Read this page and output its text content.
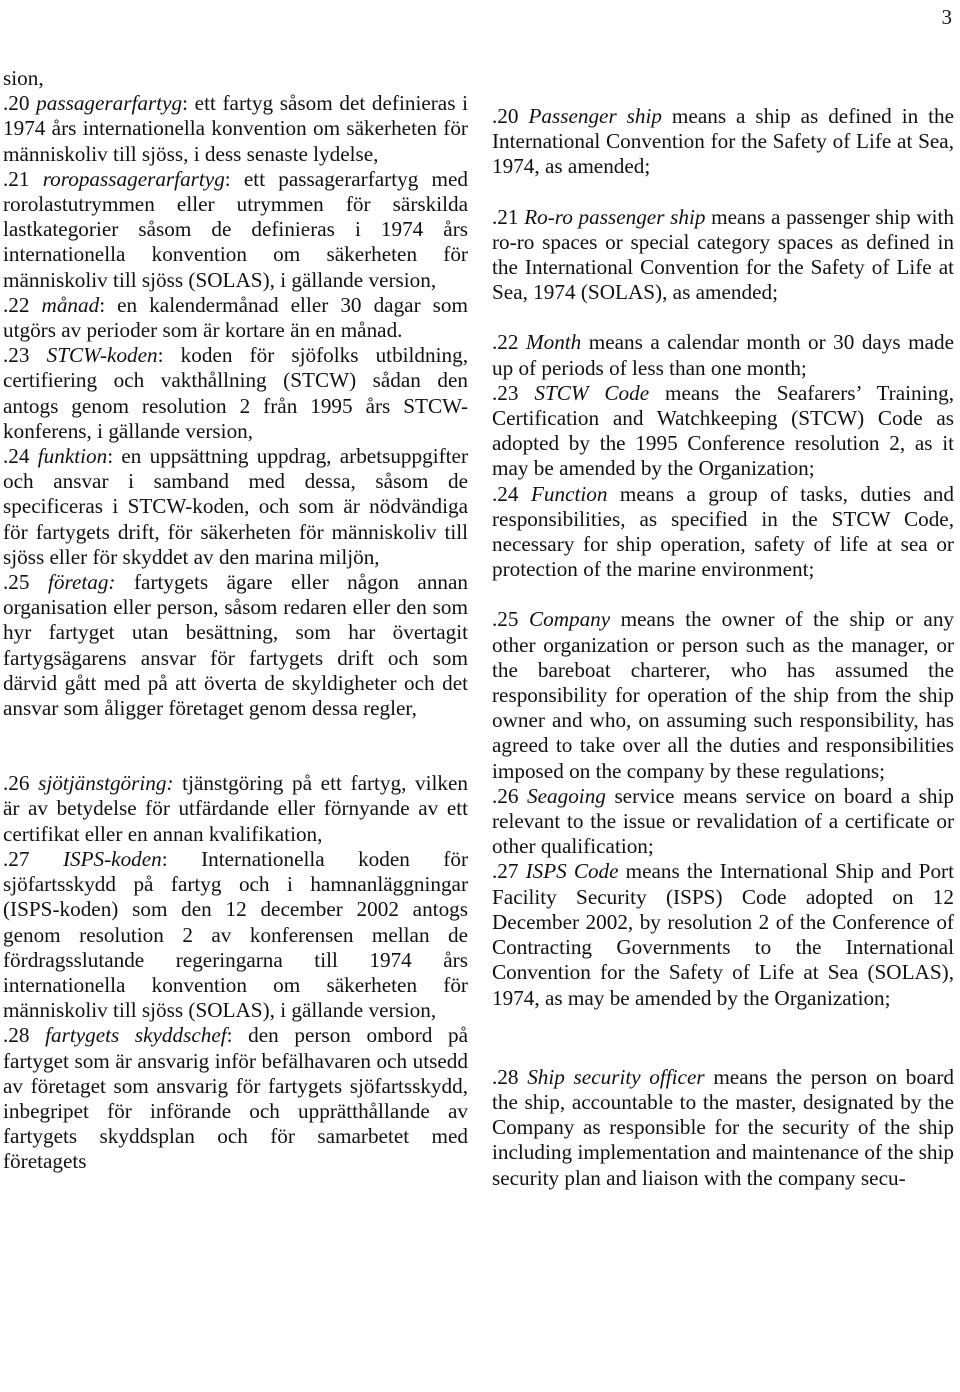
3

sion,

.20 passagerarfartyg: ett fartyg såsom det definieras i 1974 års internationella konvention om säkerheten för människoliv till sjöss, i dess senaste lydelse,

.21 roropassagerarfartyg: ett passagerarfartyg med rorolastutrymmen eller utrymmen för särskilda lastkategorier såsom de definieras i 1974 års internationella konvention om säkerheten för människoliv till sjöss (SOLAS), i gällande version,

.22 månad: en kalendermånad eller 30 dagar som utgörs av perioder som är kortare än en månad.

.23 STCW-koden: koden för sjöfolks utbildning, certifiering och vakthållning (STCW) sådan den antogs genom resolution 2 från 1995 års STCW-konferens, i gällande version,

.24 funktion: en uppsättning uppdrag, arbetsuppgifter och ansvar i samband med dessa, såsom de specificeras i STCW-koden, och som är nödvändiga för fartygets drift, för säkerheten för människoliv till sjöss eller för skyddet av den marina miljön,

.25 företag: fartygets ägare eller någon annan organisation eller person, såsom redaren eller den som hyr fartyget utan besättning, som har övertagit fartygsägarens ansvar för fartygets drift och som därvid gått med på att överta de skyldigheter och det ansvar som åligger företaget genom dessa regler,

.26 sjötjänstgöring: tjänstgöring på ett fartyg, vilken är av betydelse för utfärdande eller förnyande av ett certifikat eller en annan kvalifikation,

.27 ISPS-koden: Internationella koden för sjöfartsskydd på fartyg och i hamnanläggningar (ISPS-koden) som den 12 december 2002 antogs genom resolution 2 av konferensen mellan de fördragsslutande regeringarna till 1974 års internationella konvention om säkerheten för människoliv till sjöss (SOLAS), i gällande version,

.28 fartygets skyddschef: den person ombord på fartyget som är ansvarig inför befälhavaren och utsedd av företaget som ansvarig för fartygets sjöfartsskydd, inbegripet för införande och upprätthållande av fartygets skyddsplan och för samarbetet med företagets

.20 Passenger ship means a ship as defined in the International Convention for the Safety of Life at Sea, 1974, as amended;

.21 Ro-ro passenger ship means a passenger ship with ro-ro spaces or special category spaces as defined in the International Convention for the Safety of Life at Sea, 1974 (SOLAS), as amended;

.22 Month means a calendar month or 30 days made up of periods of less than one month;

.23 STCW Code means the Seafarers’ Training, Certification and Watchkeeping (STCW) Code as adopted by the 1995 Conference resolution 2, as it may be amended by the Organization;

.24 Function means a group of tasks, duties and responsibilities, as specified in the STCW Code, necessary for ship operation, safety of life at sea or protection of the marine environment;

.25 Company means the owner of the ship or any other organization or person such as the manager, or the bareboat charterer, who has assumed the responsibility for operation of the ship from the ship owner and who, on assuming such responsibility, has agreed to take over all the duties and responsibilities imposed on the company by these regulations;

.26 Seagoing service means service on board a ship relevant to the issue or revalidation of a certificate or other qualification;

.27 ISPS Code means the International Ship and Port Facility Security (ISPS) Code adopted on 12 December 2002, by resolution 2 of the Conference of Contracting Governments to the International Convention for the Safety of Life at Sea (SOLAS), 1974, as may be amended by the Organization;

.28 Ship security officer means the person on board the ship, accountable to the master, designated by the Company as responsible for the security of the ship including implementation and maintenance of the ship security plan and liaison with the company secu-
